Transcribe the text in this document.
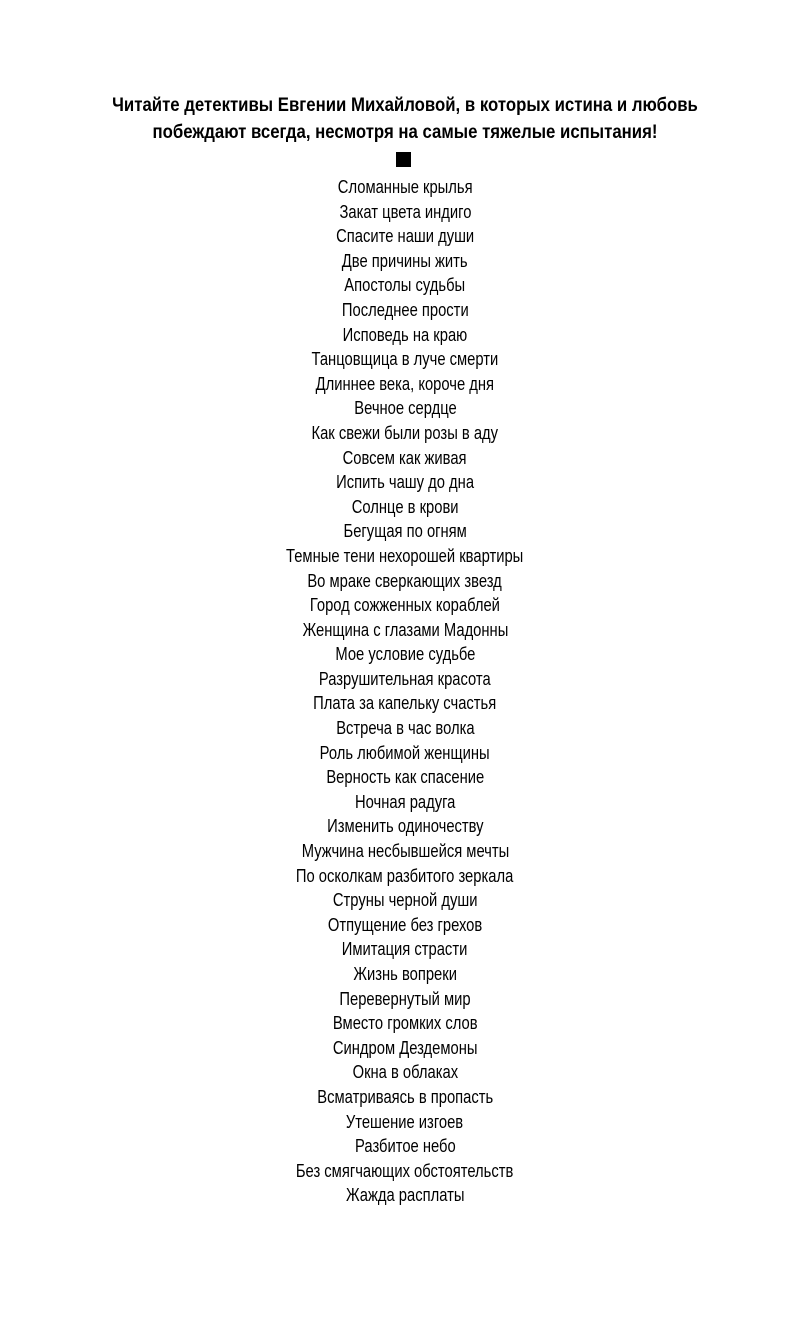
Читайте детективы Евгении Михайловой, в которых истина и любовь
побеждают всегда, несмотря на самые тяжелые испытания!
Сломанные крылья
Закат цвета индиго
Спасите наши души
Две причины жить
Апостолы судьбы
Последнее прости
Исповедь на краю
Танцовщица в луче смерти
Длиннее века, короче дня
Вечное сердце
Как свежи были розы в аду
Совсем как живая
Испить чашу до дна
Солнце в крови
Бегущая по огням
Темные тени нехорошей квартиры
Во мраке сверкающих звезд
Город сожженных кораблей
Женщина с глазами Мадонны
Мое условие судьбе
Разрушительная красота
Плата за капельку счастья
Встреча в час волка
Роль любимой женщины
Верность как спасение
Ночная радуга
Изменить одиночеству
Мужчина несбывшейся мечты
По осколкам разбитого зеркала
Струны черной души
Отпущение без грехов
Имитация страсти
Жизнь вопреки
Перевернутый мир
Вместо громких слов
Синдром Дездемоны
Окна в облаках
Всматриваясь в пропасть
Утешение изгоев
Разбитое небо
Без смягчающих обстоятельств
Жажда расплаты
